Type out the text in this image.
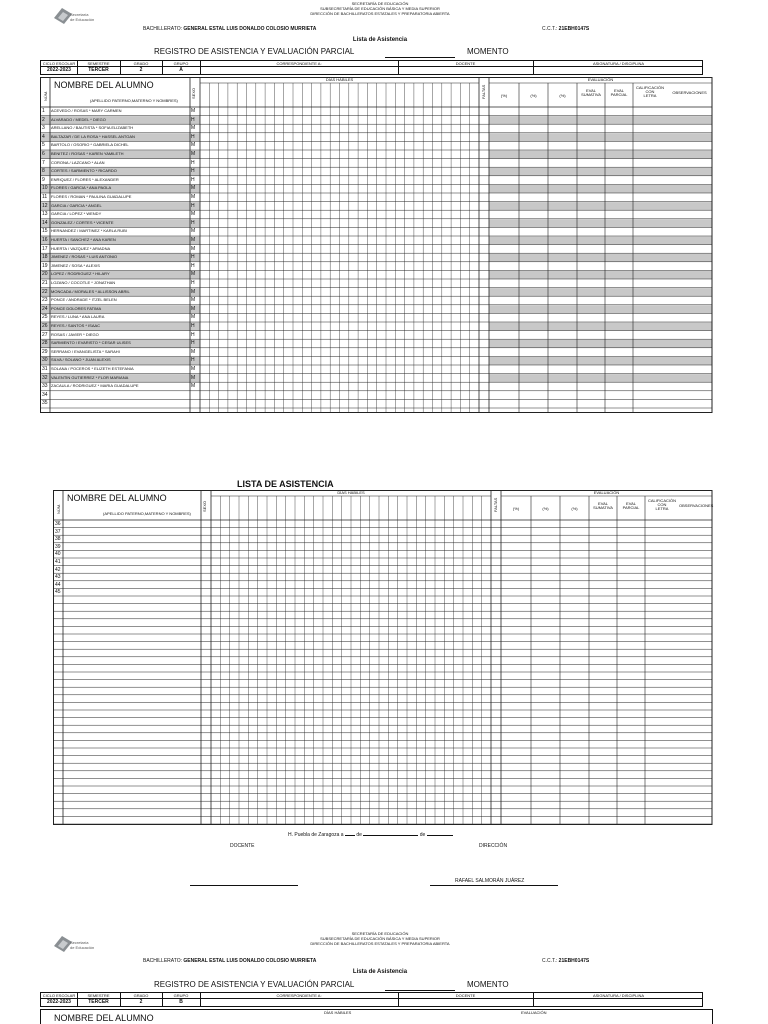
Secretaría
de Educación
SECRETARÍA DE EDUCACIÓN
SUBSECRETARÍA DE EDUCACIÓN BÁSICA Y MEDIA SUPERIOR
DIRECCIÓN DE BACHILLERATOS ESTATALES Y PREPARATORIA ABIERTA
BACHILLERATO: GENERAL ESTAL LUIS DONALDO COLOSIO MURRIETA	C.C.T.: 21EBH0147S
Lista de Asistencia
REGISTRO DE ASISTENCIA Y EVALUACIÓN PARCIAL	MOMENTO
CICLO ESCOLAR	SEMESTRE	GRADO	GRUPO	CORRESPONDIENTE A:	DOCENTE	ASIGNATURA / DISCIPLINA
2022-2023	TERCER	2	A
NOMBRE DEL ALUMNO
(APELLIDO PATERNO,MATERNO Y NOMBRES)
NÚM.	SEXO
DÍAS HÁBILES
FALTAS
EVALUACIÓN
(%)	(%)	(%)
EVAL
SUMATIVA
EVAL
PARCIAL
CALIFICACIÓN
CON
LETRA
OBSERVACIONES
1 ACEVEDO / ROSAS * MARY CARMEN	M
2 ALVARADO / MEDEL * DIEGO	H
3 ARELLANO / BAUTISTA * SOFIA ELIZABETH	M
4 BALTAZAR / DE LA ROSA * HASSEL ANTOAN	H
5 BARTOLO / OSORIO * GABRIELA DICHEL	M
6 BENITEZ / ROSAS * KAREN YAMILETH	M
7 CORONA / LAZCANO * ALAN	H
8 CORTES / SARMIENTO * RICARDO	H
9 ENRIQUEZ / FLORES * ALEXANDER	H
10 FLORES / GARCIA * ANA PAOLA	M
11 FLORES / ROMAN * PAULINA GUADALUPE	M
12 GARCIA / GARCIA * ANGEL	H
13 GARCIA / LOPEZ * WENDY	M
14 GONZALEZ / CORTES * VICENTE	H
15 HERNANDEZ / MARTINEZ * KARLA RUBI	M
16 HUERTA / SANCHEZ * ANA KAREN	M
17 HUERTA / VAZQUEZ * ARIADNA	M
18 JIMENEZ / ROSAS * LUIS ANTONIO	H
19 JIMENEZ / SOSA * ALEXIS	H
20 LOPEZ / RODRIGUEZ * HILARY	M
21 LOZANO / COCOTLE * JONATHAN	H
22 MONCADA / MORALES * ALLISSON ABRIL	M
23 PONCE / ANDRADE * ITZEL BELEN	M
24 PONCE DOLORES FATIMA	M
25 REYES / LUNA * ANA LAURA	M
26 REYES / SANTOS * ISAAC	H
27 ROSAS / JAVIER * DIEGO	H
28 SARMIENTO / EVARISTO * CESAR ULISES	H
29 SERRANO / EVANGELISTA * SARAHI	M
30 SILVA / SOLANO * JUAN ALEXIS	H
31 SOLANA / POCEROS * ELIZETH ESTEFANIA	M
32 VALENTIN GUTIERREZ * FLOR MARIANA	M
33 ZACAULA / RODRIGUEZ * MARIA GUADALUPE	M
34
35
LISTA DE ASISTENCIA
NOMBRE DEL ALUMNO
(APELLIDO PATERNO,MATERNO Y NOMBRES)
NÚM.	SEXO
DÍAS HÁBILES
FALTAS
EVALUACIÓN
(%)	(%)	(%)
EVAL
SUMATIVA
EVAL
PARCIAL
CALIFICACIÓN
CON
LETRA
OBSERVACIONES
36
37
38
39
40
41
42
43
44
45
H. Puebla de Zaragoza a	de	de
DOCENTE	DIRECCIÓN
RAFAEL SALMORÁN JUÁREZ
Secretaría
de Educación
SECRETARÍA DE EDUCACIÓN
SUBSECRETARÍA DE EDUCACIÓN BÁSICA Y MEDIA SUPERIOR
DIRECCIÓN DE BACHILLERATOS ESTATALES Y PREPARATORIA ABIERTA
BACHILLERATO: GENERAL ESTAL LUIS DONALDO COLOSIO MURRIETA	C.C.T.: 21EBH0147S
Lista de Asistencia
REGISTRO DE ASISTENCIA Y EVALUACIÓN PARCIAL	MOMENTO
CICLO ESCOLAR	SEMESTRE	GRADO	GRUPO	CORRESPONDIENTE A:	DOCENTE	ASIGNATURA / DISCIPLINA
2022-2023	TERCER	2	B
NOMBRE DEL ALUMNO
DÍAS HÁBILES	EVALUACIÓN
